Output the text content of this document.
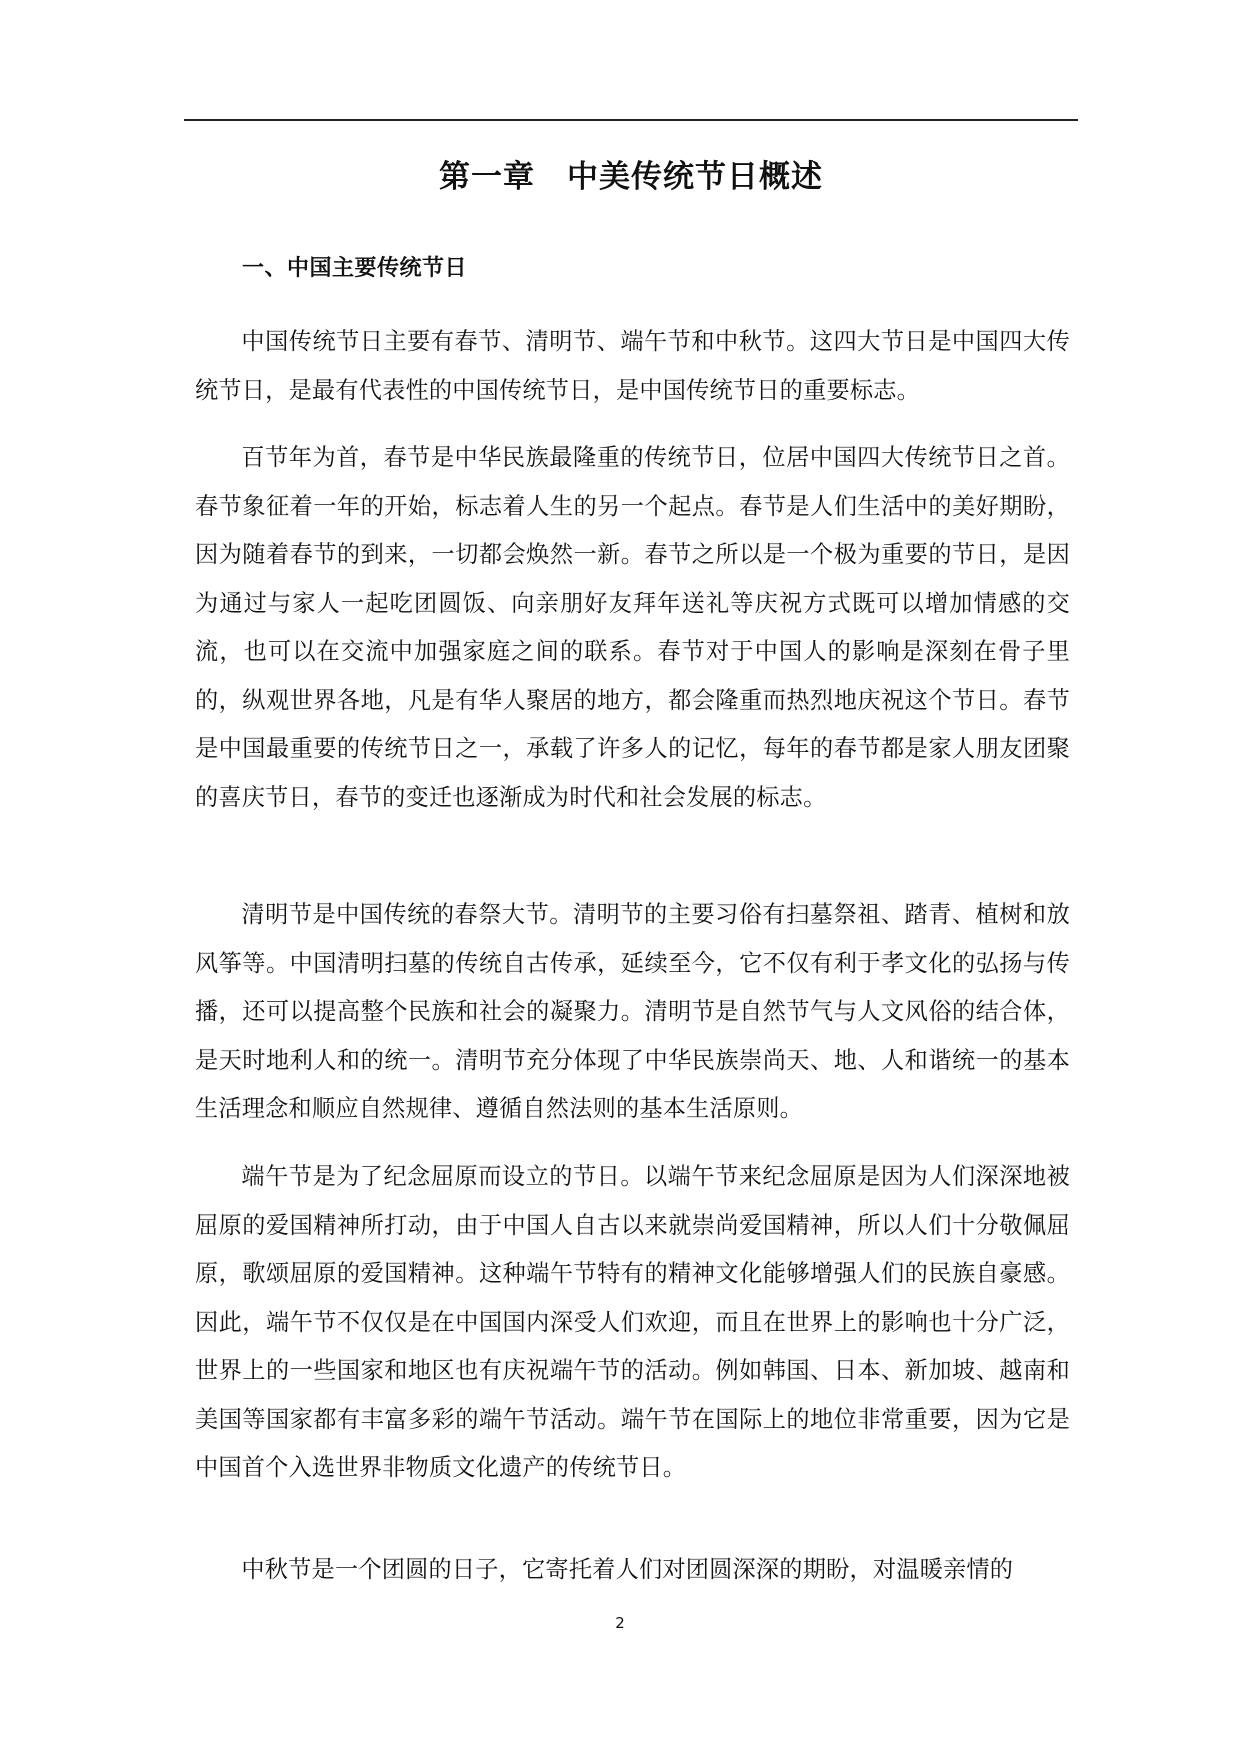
第一章　中美传统节日概述
一、中国主要传统节日

中国传统节日主要有春节、清明节、端午节和中秋节。这四大节日是中国四大传统节日，是最有代表性的中国传统节日，是中国传统节日的重要标志。

百节年为首，春节是中华民族最隆重的传统节日，位居中国四大传统节日之首。春节象征着一年的开始，标志着人生的另一个起点。春节是人们生活中的美好期盼，因为随着春节的到来，一切都会焕然一新。春节之所以是一个极为重要的节日，是因为通过与家人一起吃团圆饭、向亲朋好友拜年送礼等庆祝方式既可以增加情感的交流，也可以在交流中加强家庭之间的联系。春节对于中国人的影响是深刻在骨子里的，纵观世界各地，凡是有华人聚居的地方，都会隆重而热烈地庆祝这个节日。春节是中国最重要的传统节日之一，承载了许多人的记忆，每年的春节都是家人朋友团聚的喜庆节日，春节的变迁也逐渐成为时代和社会发展的标志。

清明节是中国传统的春祭大节。清明节的主要习俗有扫墓祭祖、踏青、植树和放风筝等。中国清明扫墓的传统自古传承，延续至今，它不仅有利于孝文化的弘扬与传播，还可以提高整个民族和社会的凝聚力。清明节是自然节气与人文风俗的结合体，是天时地利人和的统一。清明节充分体现了中华民族崇尚天、地、人和谐统一的基本生活理念和顺应自然规律、遵循自然法则的基本生活原则。

端午节是为了纪念屈原而设立的节日。以端午节来纪念屈原是因为人们深深地被屈原的爱国精神所打动，由于中国人自古以来就崇尚爱国精神，所以人们十分敬佩屈原，歌颂屈原的爱国精神。这种端午节特有的精神文化能够增强人们的民族自豪感。因此，端午节不仅仅是在中国国内深受人们欢迎，而且在世界上的影响也十分广泛，世界上的一些国家和地区也有庆祝端午节的活动。例如韩国、日本、新加坡、越南和美国等国家都有丰富多彩的端午节活动。端午节在国际上的地位非常重要，因为它是中国首个入选世界非物质文化遗产的传统节日。

中秋节是一个团圆的日子，它寄托着人们对团圆深深的期盼，对温暖亲情的

2
